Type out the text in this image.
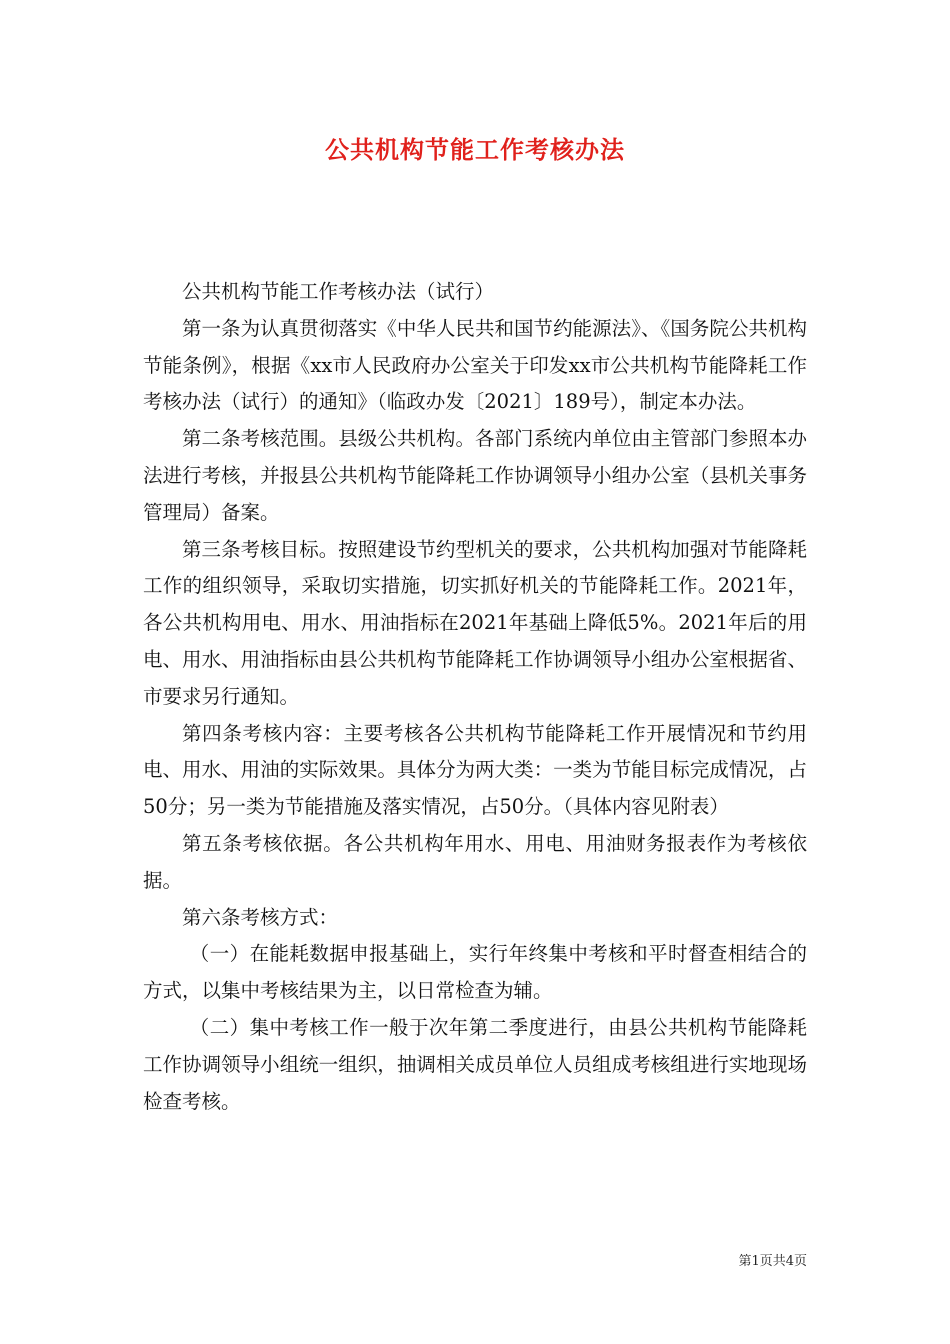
公共机构节能工作考核办法

公共机构节能工作考核办法（试行）

第一条为认真贯彻落实《中华人民共和国节约能源法》、《国务院公共机构节能条例》，根据《xx市人民政府办公室关于印发xx市公共机构节能降耗工作考核办法（试行）的通知》（临政办发〔2021〕189号），制定本办法。

第二条考核范围。县级公共机构。各部门系统内单位由主管部门参照本办法进行考核，并报县公共机构节能降耗工作协调领导小组办公室（县机关事务管理局）备案。

第三条考核目标。按照建设节约型机关的要求，公共机构加强对节能降耗工作的组织领导，采取切实措施，切实抓好机关的节能降耗工作。2021年，各公共机构用电、用水、用油指标在2021年基础上降低5%。2021年后的用电、用水、用油指标由县公共机构节能降耗工作协调领导小组办公室根据省、市要求另行通知。

第四条考核内容：主要考核各公共机构节能降耗工作开展情况和节约用电、用水、用油的实际效果。具体分为两大类：一类为节能目标完成情况，占50分；另一类为节能措施及落实情况，占50分。（具体内容见附表）

第五条考核依据。各公共机构年用水、用电、用油财务报表作为考核依据。

第六条考核方式：

（一）在能耗数据申报基础上，实行年终集中考核和平时督查相结合的方式，以集中考核结果为主，以日常检查为辅。

（二）集中考核工作一般于次年第二季度进行，由县公共机构节能降耗工作协调领导小组统一组织，抽调相关成员单位人员组成考核组进行实地现场检查考核。

第1页共4页
